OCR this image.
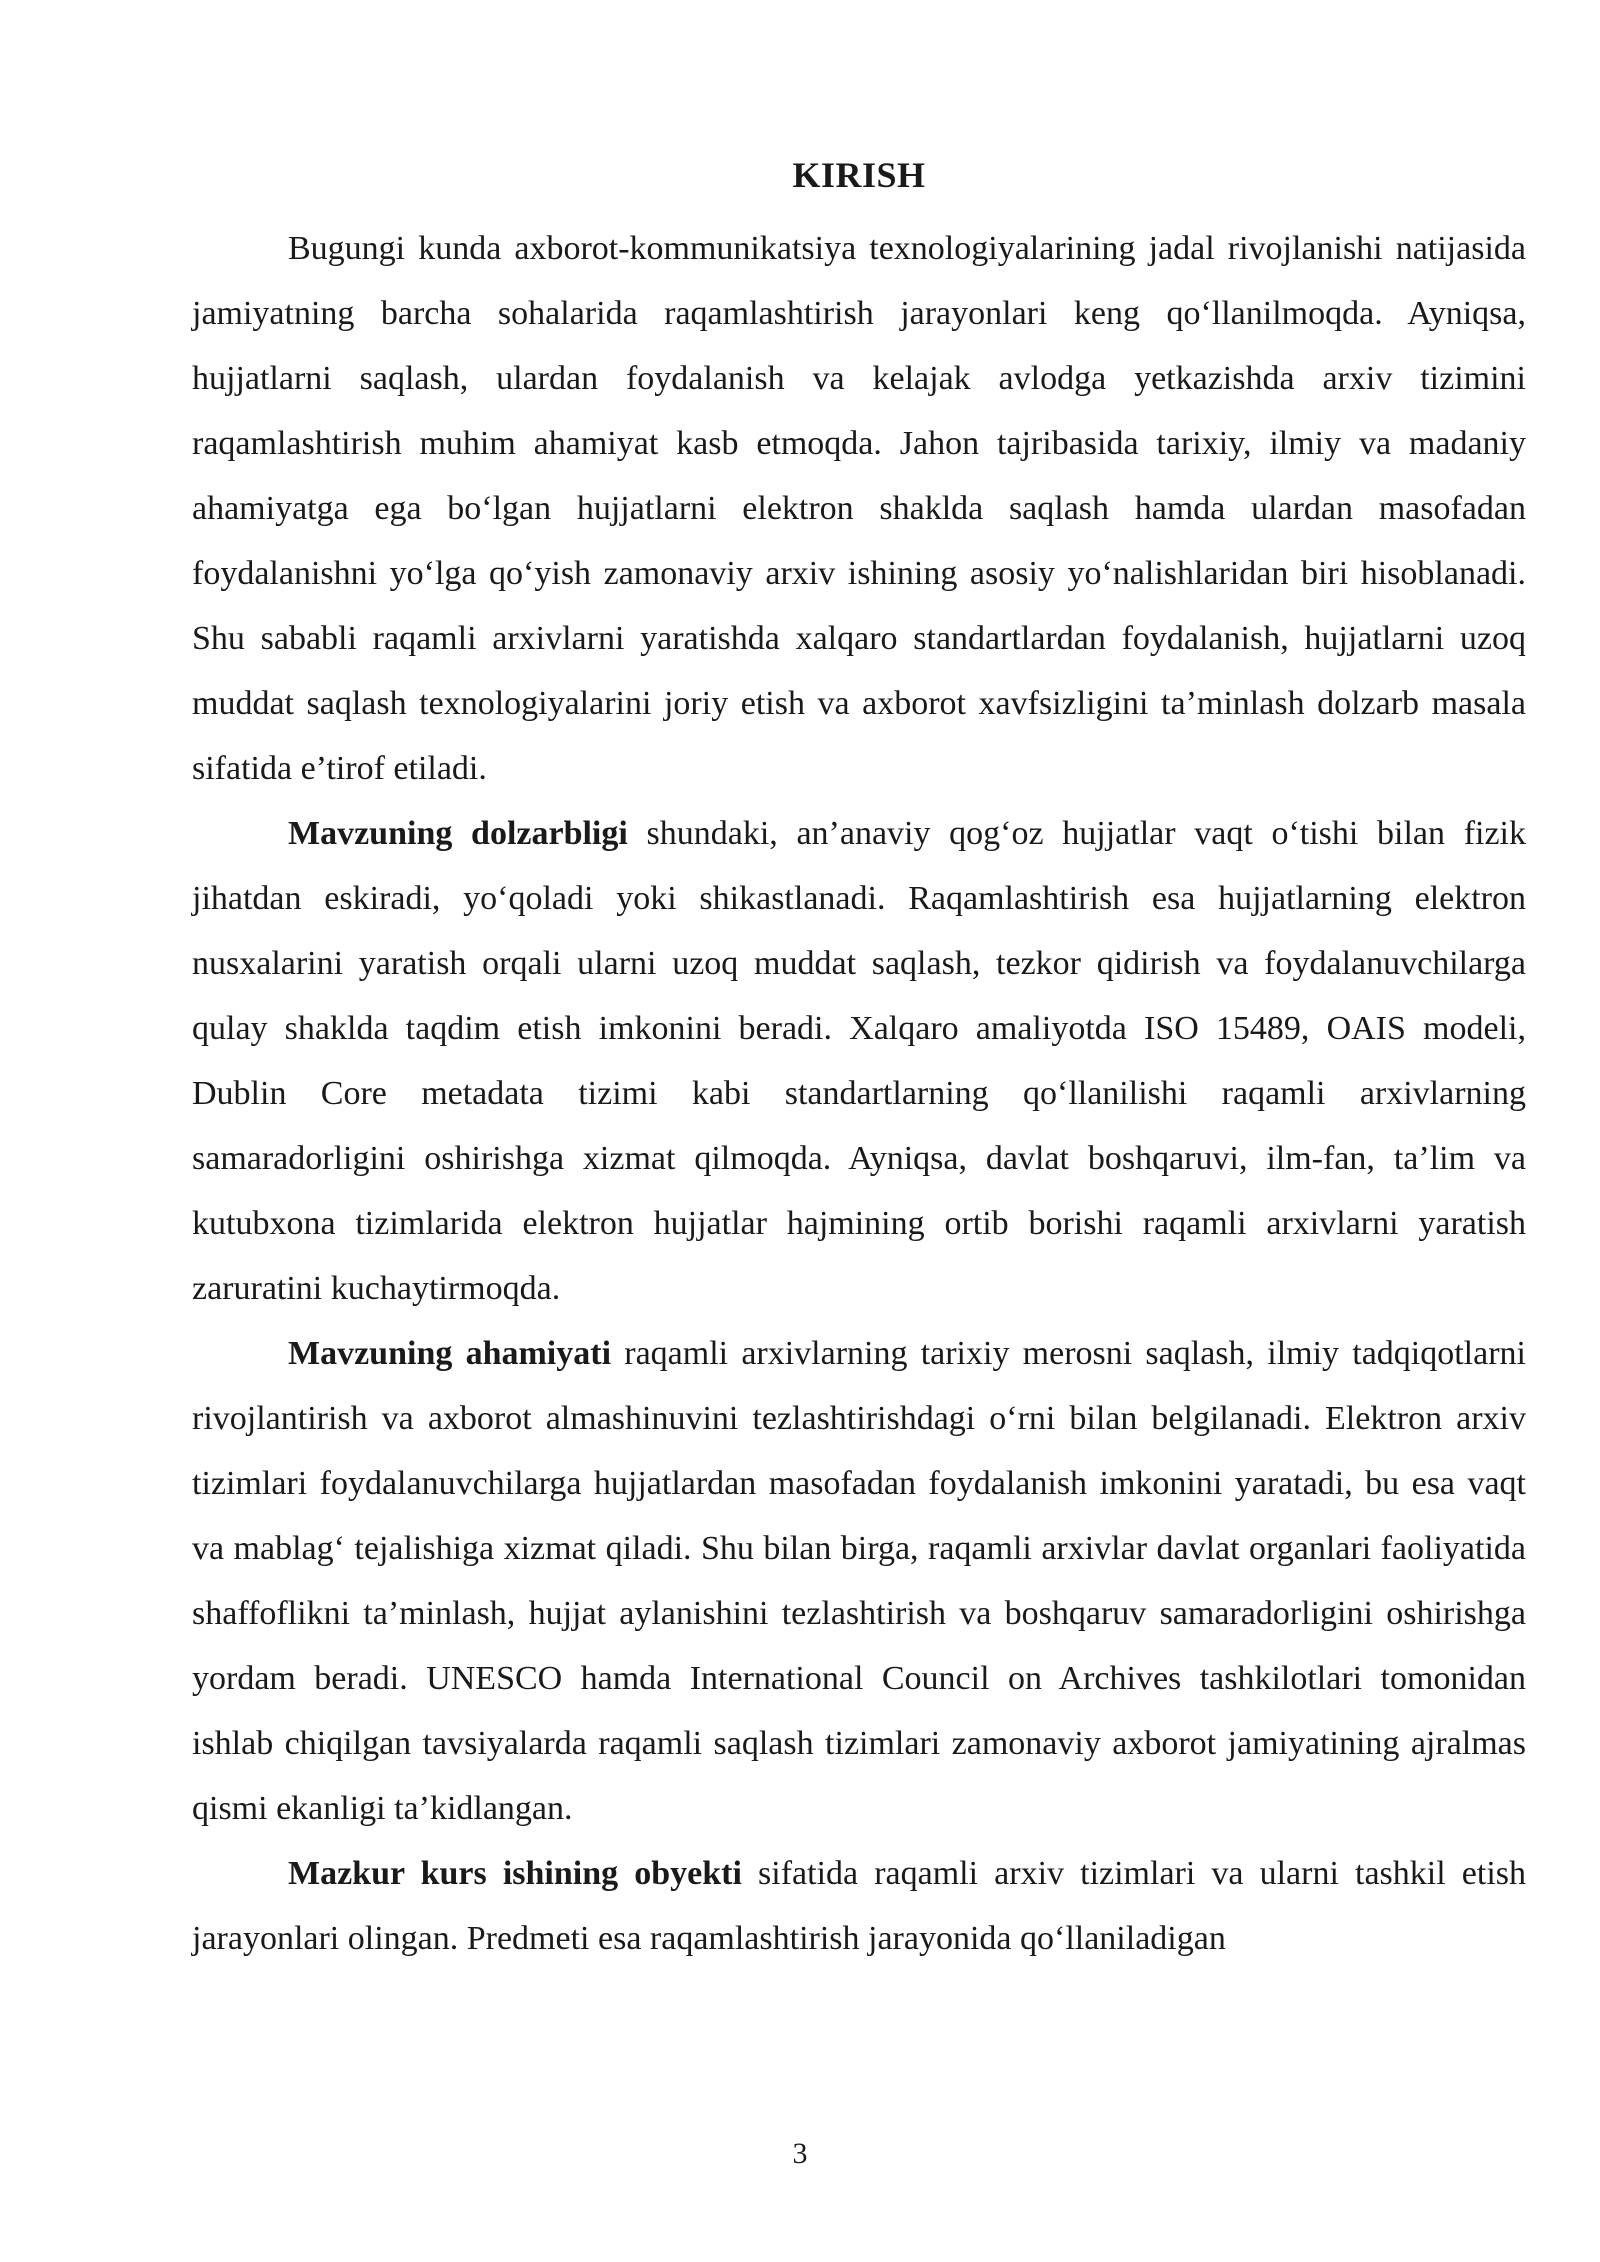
KIRISH

Bugungi kunda axborot-kommunikatsiya texnologiyalarining jadal rivojlanishi natijasida jamiyatning barcha sohalarida raqamlashtirish jarayonlari keng qo‘llanilmoqda. Ayniqsa, hujjatlarni saqlash, ulardan foydalanish va kelajak avlodga yetkazishda arxiv tizimini raqamlashtirish muhim ahamiyat kasb etmoqda. Jahon tajribasida tarixiy, ilmiy va madaniy ahamiyatga ega bo‘lgan hujjatlarni elektron shaklda saqlash hamda ulardan masofadan foydalanishni yo‘lga qo‘yish zamonaviy arxiv ishining asosiy yo‘nalishlaridan biri hisoblanadi. Shu sababli raqamli arxivlarni yaratishda xalqaro standartlardan foydalanish, hujjatlarni uzoq muddat saqlash texnologiyalarini joriy etish va axborot xavfsizligini ta’minlash dolzarb masala sifatida e’tirof etiladi.

Mavzuning dolzarbligi shundaki, an’anaviy qog‘oz hujjatlar vaqt o‘tishi bilan fizik jihatdan eskiradi, yo‘qoladi yoki shikastlanadi. Raqamlashtirish esa hujjatlarning elektron nusxalarini yaratish orqali ularni uzoq muddat saqlash, tezkor qidirish va foydalanuvchilarga qulay shaklda taqdim etish imkonini beradi. Xalqaro amaliyotda ISO 15489, OAIS modeli, Dublin Core metadata tizimi kabi standartlarning qo‘llanilishi raqamli arxivlarning samaradorligini oshirishga xizmat qilmoqda. Ayniqsa, davlat boshqaruvi, ilm-fan, ta’lim va kutubxona tizimlarida elektron hujjatlar hajmining ortib borishi raqamli arxivlarni yaratish zaruratini kuchaytirmoqda.

Mavzuning ahamiyati raqamli arxivlarning tarixiy merosni saqlash, ilmiy tadqiqotlarni rivojlantirish va axborot almashinuvini tezlashtirishdagi o‘rni bilan belgilanadi. Elektron arxiv tizimlari foydalanuvchilarga hujjatlardan masofadan foydalanish imkonini yaratadi, bu esa vaqt va mablag‘ tejalishiga xizmat qiladi. Shu bilan birga, raqamli arxivlar davlat organlari faoliyatida shaffoflikni ta’minlash, hujjat aylanishini tezlashtirish va boshqaruv samaradorligini oshirishga yordam beradi. UNESCO hamda International Council on Archives tashkilotlari tomonidan ishlab chiqilgan tavsiyalarda raqamli saqlash tizimlari zamonaviy axborot jamiyatining ajralmas qismi ekanligi ta’kidlangan.

Mazkur kurs ishining obyekti sifatida raqamli arxiv tizimlari va ularni tashkil etish jarayonlari olingan. Predmeti esa raqamlashtirish jarayonida qo‘llaniladigan

3
